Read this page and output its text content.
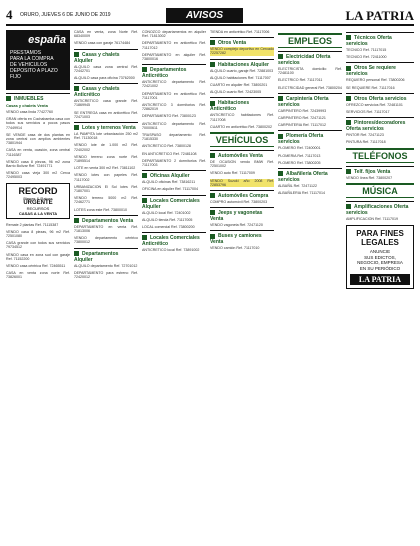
4	ORURO, JUEVES 6 DE JUNIO DE 2019	AVISOS	LA PATRIA
españa
PRESTAMOS
PARA LA COMPRA
DE VEHICULOS
DEPOSITO A PLAZO FIJO
INMUEBLES
Casas y chalets Venta

VENDO casa linda 77427760

GRAN oferta en Cochabamba casa con todos sus servicios a pocos pasos 77449914

SE VENDE casa de dos plantas en zona central con amplios ambientes 73801944

CASA en venta, ocasión, zona central 71116387

VENDO casa 8 piezas, 96 m2 zona Barrio Bolívar Ref. 72491771

VENDO casa vieja 300 m2 Cerca 72495003

RECORD
Bienes & Raices
URGENTE
RECURSOS
CASAS A LA VENTA

Remate 2 plantas Ref. 71115387

VENDO casa 8 piezas, 96 m2 Ref. 72501080

CASA grande con todos sus servicios 79734512

VENDO casa en zona sud con garaje Ref. 71152200

VENDO casa céntrica Ref. 72465511

CASA en venta zona norte Ref. 73826001

CASA en venta, zona Norte Ref. 68340009

VENDO casa con garaje 76174484

Casas y chalets Alquiler

ALQUILO casa zona central Ref. 72442701

ALQUILO casa para oficina 73762000

Casas y chalets Anticrético

ANTICRETICO casa grande Ref. 71869945

SE ENTREGA casa en anticrético Ref. 72471003

Lotes y terrenos Venta

LA PAMPITA lote urbanización 250 m2 Ref. 71130018

VENDO lote de 1.000 m2 Ref. 72402002

VENDO terreno zona norte Ref. 71895514

LOTE en venta 300 m2 Ref. 73811102

VENDO lotes con papeles Ref. 71117002

URBANIZACION El Sol lotes Ref. 71807001

VENDO terreno 5000 m2 Ref. 72462771

LOTES zona este Ref. 73800010

Departamentos Venta

DEPARTAMENTO en venta Ref. 71813006

VENDO departamento céntrico 73800012

Departamentos Alquiler

ALQUILO departamento Ref. 72701012

DEPARTAMENTO para estreno Ref. 72420012

CONOZCO departamentos en alquiler Ref. 71813002

DEPARTAMENTO en anticrético Ref. 71117012

DEPARTAMENTO en alquiler Ref. 73800016

Departamentos Anticrético

ANTICRETICO departamento Ref. 72421002

DEPARTAMENTO en anticrético Ref. 71117001

ANTICRETICO 3 dormitorios Ref. 72862019

DEPARTAMENTO Ref. 73800123

ANTICRETICO departamento Ref. 70000611

TRASPASO departamento Ref. 71815330

ANTICRETICO Ref. 73800128

EN ANTICRETICO Ref. 72481108

DEPARTAMENTO 2 dormitorios Ref. 71117003

Oficinas Alquiler

ALQUILO oficinas Ref. 73816211

OFICINA en alquiler Ref. 71117004

Locales Comerciales Alquiler

ALQUILO local Ref. 72401002

ALQUILO tienda Ref. 71117005

LOCAL comercial Ref. 73800200

Locales Comerciales Anticrético

ANTICRETICO local Ref. 73891002

TIENDA en anticrético Ref. 71117006

Otros Venta

VENDO complejo deportivo en Cercado 72257282

Habitaciones Alquiler

ALQUILO cuarto, garaje Ref. 72881003

ALQUILO habitaciones Ref. 71117007

CUARTO en alquiler Ref. 73800201

ALQUILO cuarto Ref. 72423005

Habitaciones Anticrético

ANTICRETICO habitaciones Ref. 71117008

CUARTO en anticrético Ref. 73800202

VEHÍCULOS
Automóviles Venta

DE OCASION vendo BMW Ref. 72501002

VENDO auto Ref. 71117009

VENDO Suzuki año 2008 Ref. 72853796

Automóviles Compra

COMPRO automóvil Ref. 73800203

Jeeps y vagonetas Venta

VENDO vagoneta Ref. 72471120

Buses y camiones Venta

VENDO camión Ref. 71117010

EMPLEOS
Electricidad Oferta servicios

ELECTRICISTA domicilio Ref. 72481100

ELECTRICO Ref. 71117011

ELECTRICIDAD general Ref. 73800204

Carpintería Oferta servicios

CARPINTERO Ref. 72439993

CARPINTERO Ref. 72471121

CARPINTERIA Ref. 71117012

Plomería Oferta servicios

PLOMERO Ref. 72400001

PLOMERIA Ref. 71117013

PLOMERO Ref. 73800205

Albañilería Oferta servicios

ALBAÑIL Ref. 72471122

ALBAÑILERIA Ref. 71117014

Técnicos Oferta servicios

TECNICO Ref. 71117015

TECNICO Ref. 72411000

Otros Se requiere servicios

REQUIERO personal Ref. 73800206

SE REQUIERE Ref. 71117016

Otros Oferta servicios

OFREZCO servicios Ref. 72481101

SERVICIOS Ref. 71117017

Pintores/decoradores Oferta servicios

PINTOR Ref. 72471123

PINTURA Ref. 71117018

TELÉFONOS
Telf. fijos Venta

VENDO línea Ref. 73800207

MÚSICA
Amplificaciones Oferta servicios

AMPLIFICACION Ref. 71117019

PARA FINES LEGALES
ANUNCIE
SUS EDICTOS,
NEGOCIO, EMPRESA
EN SU PERIÓDICO
LA PATRIA
